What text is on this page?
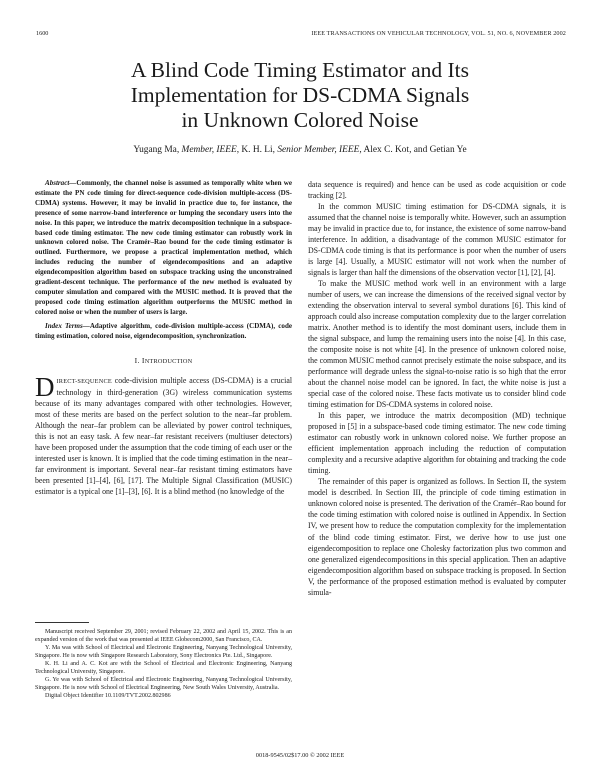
1600	IEEE TRANSACTIONS ON VEHICULAR TECHNOLOGY, VOL. 51, NO. 6, NOVEMBER 2002
A Blind Code Timing Estimator and Its
Implementation for DS-CDMA Signals
in Unknown Colored Noise
Yugang Ma, Member, IEEE, K. H. Li, Senior Member, IEEE, Alex C. Kot, and Getian Ye

Abstract—Commonly, the channel noise is assumed as temporally white when we estimate the PN code timing for direct-sequence code-division multiple-access (DS-CDMA) systems. However, it may be invalid in practice due to, for instance, the presence of some narrow-band interference or lumping the secondary users into the noise. In this paper, we introduce the matrix decomposition technique in a subspace-based code timing estimator. The new code timing estimator can robustly work in unknown colored noise. The Cramér–Rao bound for the code timing estimator is outlined. Furthermore, we propose a practical implementation method, which includes reducing the number of eigendecompositions and an adaptive eigendecomposition algorithm based on subspace tracking using the unconstrained gradient-descent technique. The performance of the new method is evaluated by computer simulation and compared with the MUSIC method. It is proved that the proposed code timing estimation algorithm outperforms the MUSIC method in colored noise or when the number of users is large.

Index Terms—Adaptive algorithm, code-division multiple-access (CDMA), code timing estimation, colored noise, eigendecomposition, synchronization.

I. INTRODUCTION

DIRECT-SEQUENCE code-division multiple access (DS-CDMA) is a crucial technology in third-generation (3G) wireless communication systems because of its many advantages compared with other technologies. However, most of these merits are based on the perfect solution to the near–far problem. Although the near–far problem can be alleviated by power control techniques, this is not an easy task. A few near–far resistant receivers (multiuser detectors) have been proposed under the assumption that the code timing of each user or the interested user is known. It is implied that the code timing estimation in the near–far environment is important. Several near–far resistant timing estimators have been presented [1]–[4], [6], [17]. The Multiple Signal Classification (MUSIC) estimator is a typical one [1]–[3], [6]. It is a blind method (no knowledge of the

data sequence is required) and hence can be used as code acquisition or code tracking [2].

In the common MUSIC timing estimation for DS-CDMA signals, it is assumed that the channel noise is temporally white. However, such an assumption may be invalid in practice due to, for instance, the existence of some narrow-band interference. In addition, a disadvantage of the common MUSIC estimator for DS-CDMA code timing is that its performance is poor when the number of users is large [4]. Usually, a MUSIC estimator will not work when the number of signals is larger than half the dimensions of the observation vector [1], [2], [4].

To make the MUSIC method work well in an environment with a large number of users, we can increase the dimensions of the received signal vector by extending the observation interval to several symbol durations [6]. This kind of approach could also increase computation complexity due to the larger correlation matrix. Another method is to identify the most dominant users, include them in the signal subspace, and lump the remaining users into the noise [4]. In this case, the composite noise is not white [4]. In the presence of unknown colored noise, the common MUSIC method cannot precisely estimate the noise subspace, and its performance will degrade unless the signal-to-noise ratio is so high that the error about the channel noise model can be ignored. In fact, the white noise is just a special case of the colored noise. These facts motivate us to consider blind code timing estimation for DS-CDMA systems in colored noise.

In this paper, we introduce the matrix decomposition (MD) technique proposed in [5] in a subspace-based code timing estimator. The new code timing estimator can robustly work in unknown colored noise. We further propose an efficient implementation approach including the reduction of computation complexity and a recursive adaptive algorithm for obtaining and tracking the code timing.

The remainder of this paper is organized as follows. In Section II, the system model is described. In Section III, the principle of code timing estimation in unknown colored noise is presented. The derivation of the Cramér–Rao bound for the code timing estimation with colored noise is outlined in Appendix. In Section IV, we present how to reduce the computation complexity for the implementation of the blind code timing estimator. First, we derive how to use just one eigendecomposition to replace one Cholesky factorization plus two common and one generalized eigendecompositions in this special application. Then an adaptive eigendecomposition algorithm based on subspace tracking is proposed. In Section V, the performance of the proposed estimation method is evaluated by computer simula-

Manuscript received September 29, 2001; revised February 22, 2002 and April 15, 2002. This is an expanded version of the work that was presented at IEEE Globecom2000, San Francisco, CA.

Y. Ma was with School of Electrical and Electronic Engineering, Nanyang Technological University, Singapore. He is now with Singapore Research Laboratory, Sony Electronics Pte. Ltd., Singapore.

K. H. Li and A. C. Kot are with the School of Electrical and Electronic Engineering, Nanyang Technological University, Singapore.

G. Ye was with School of Electrical and Electronic Engineering, Nanyang Technological University, Singapore. He is now with School of Electrical Engineering, New South Wales University, Australia.

Digital Object Identifier 10.1109/TVT.2002.802986

0018-9545/02$17.00 © 2002 IEEE
